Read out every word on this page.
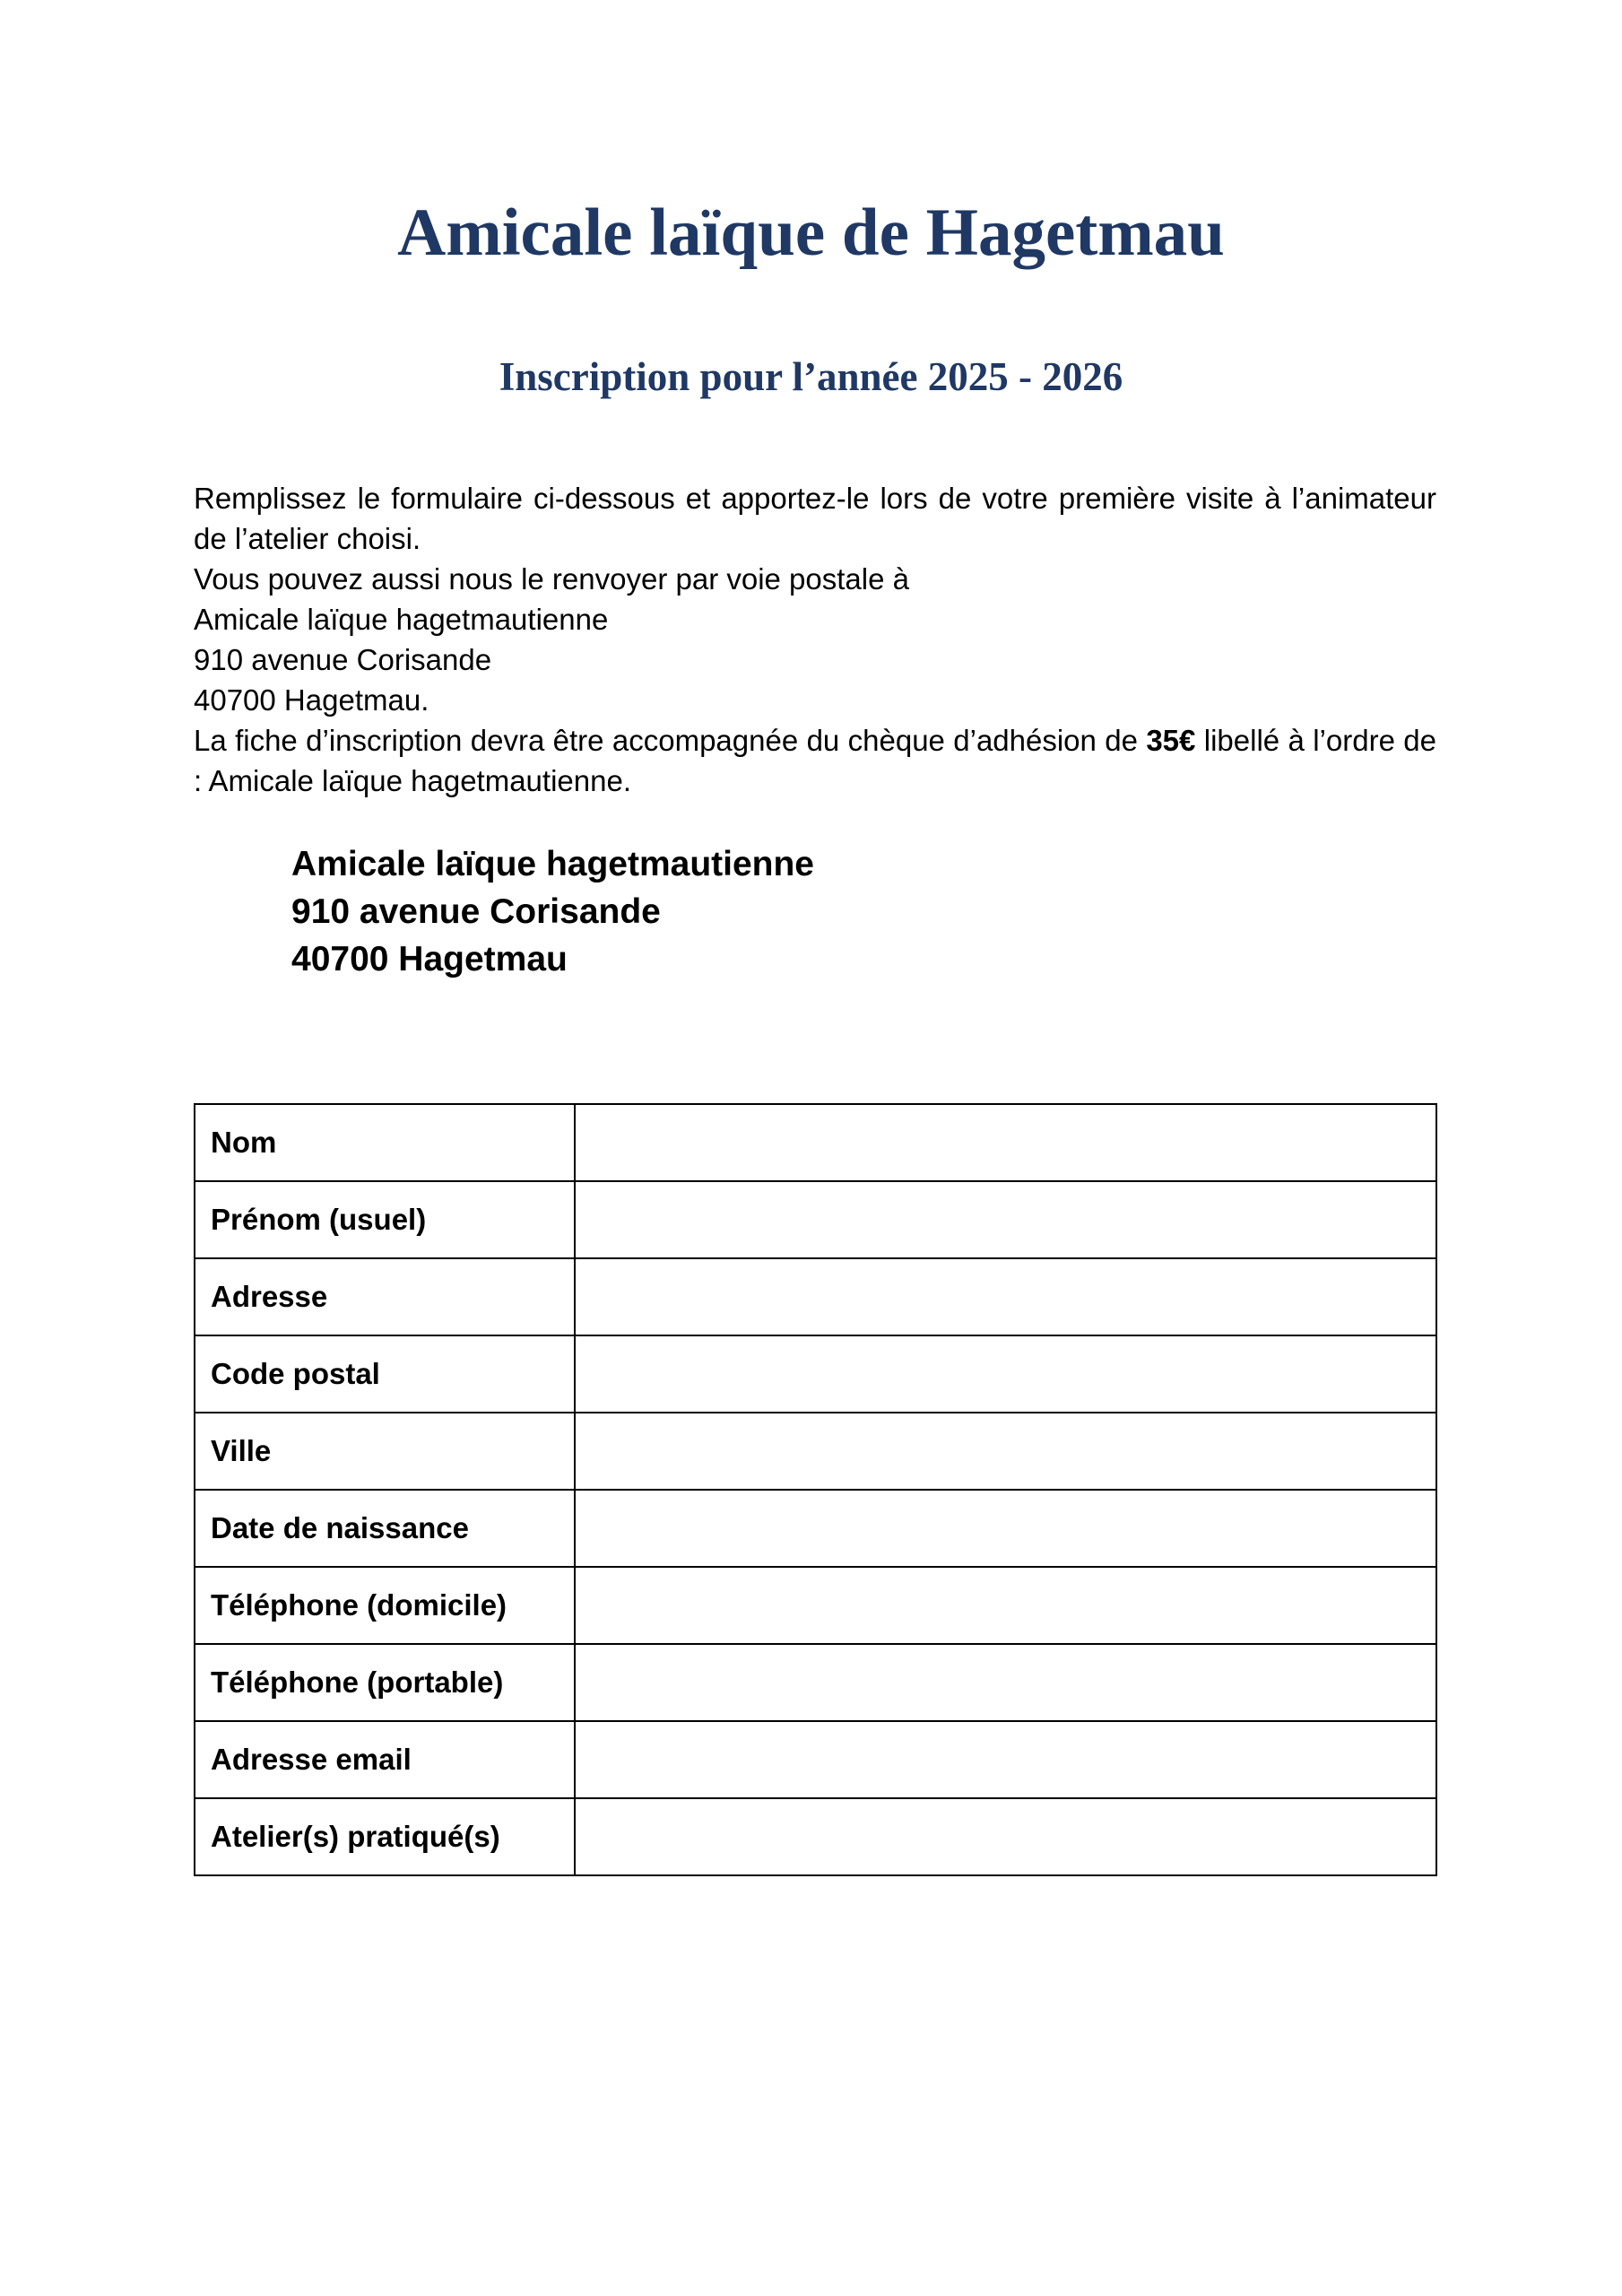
Amicale laïque de Hagetmau
Inscription pour l’année 2025 - 2026

Remplissez le formulaire ci-dessous et apportez-le lors de votre première visite à l’animateur de l’atelier choisi.

Vous pouvez aussi nous le renvoyer par voie postale à
Amicale laïque hagetmautienne
910 avenue Corisande
40700 Hagetmau.

La fiche d’inscription devra être accompagnée du chèque d’adhésion de 35€ libellé à l’ordre de : Amicale laïque hagetmautienne.

Amicale laïque hagetmautienne
910 avenue Corisande
40700 Hagetmau
Nom	
Prénom (usuel)	
Adresse	
Code postal	
Ville	
Date de naissance	
Téléphone (domicile)	
Téléphone (portable)	
Adresse email	
Atelier(s) pratiqué(s)	
